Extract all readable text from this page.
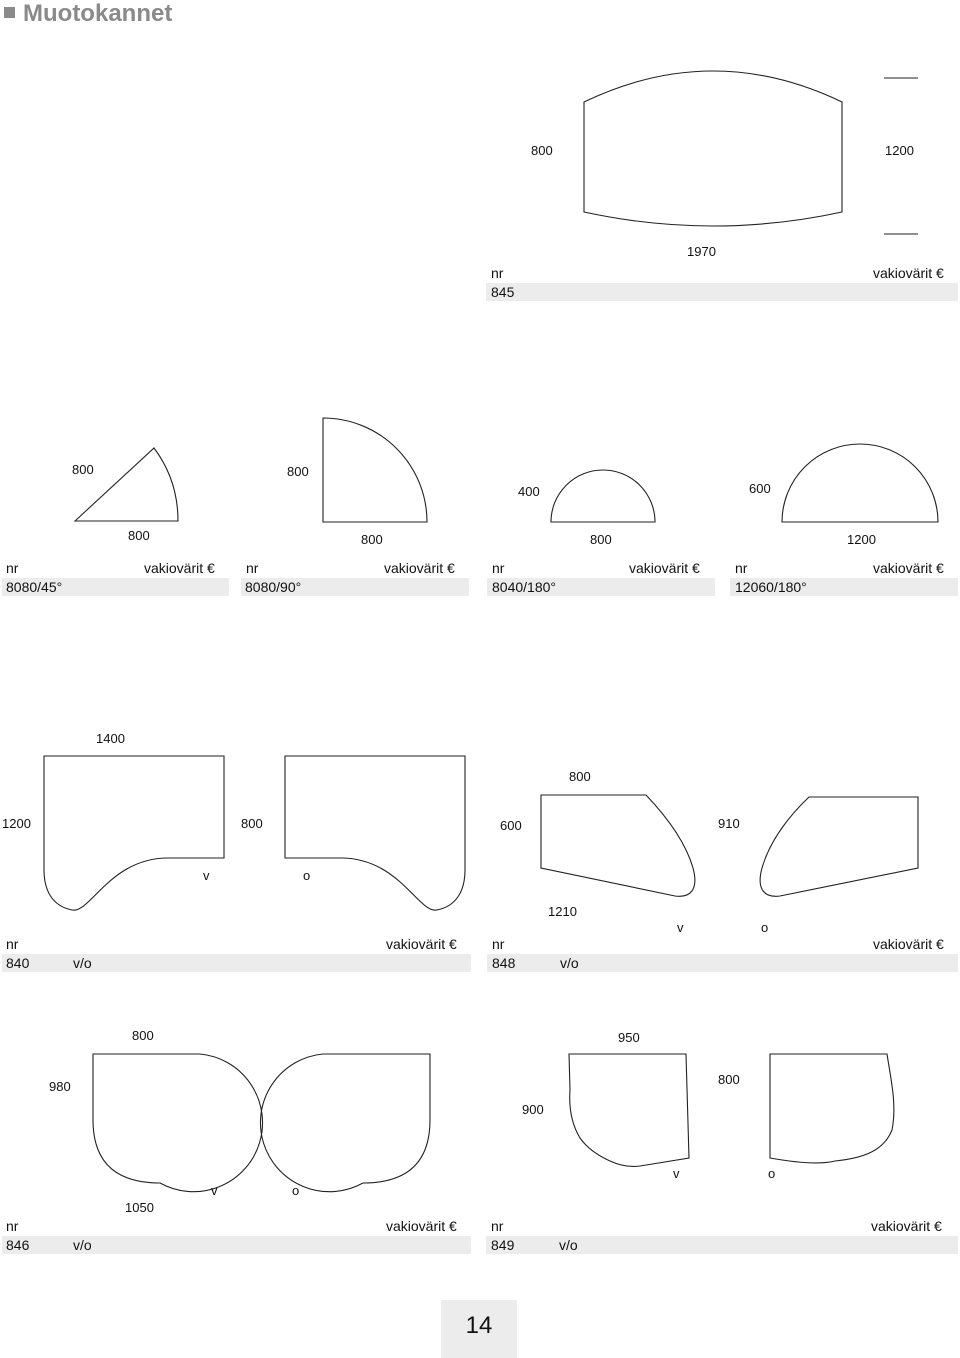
Muotokannet
800	1200
1970
nr	vakiovärit €
845
800
800
800
800
400
800
600
1200
nr	vakiovärit €
8080/45°
nr	vakiovärit €
8080/90°
nr	vakiovärit €
8040/180°
nr	vakiovärit €
12060/180°
1400
1200	800
v	o
nr	vakiovärit €
840	v/o
800
600	910
1210
v	o
nr	vakiovärit €
848	v/o
800
980
1050
v	o
nr	vakiovärit €
846	v/o
950
800
900
v	o
nr	vakiovärit €
849	v/o
14
